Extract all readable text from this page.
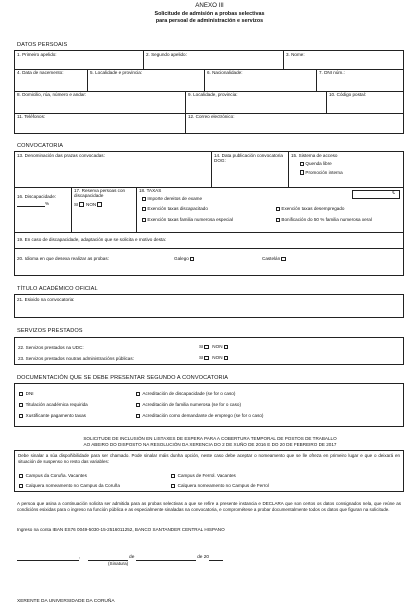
ANEXO III
Solicitude de admisión a probas selectivas
para persoal de administración e servizos
DATOS PERSOAIS
1. Primeiro apelido:	2. Segundo apelido:	3. Nome:
4. Data de nacemento:	5. Localidade e provincia:	6. Nacionalidade:	7. DNI núm.:
8. Domicilio, rúa, número e andar:	9. Localidade, provincia:	10. Código postal:
11. Teléfonos:	12. Correo electrónico:
CONVOCATORIA
13. Denominación das prazas convocadas:	14. Data publicación convocatoria DOG:
15. Sistema de acceso
Quenda libre
Promoción interna
16. Discapacidade:
%
17. Reserva persoas con discapacidade
SI NON
18. TAXAS
Importe dereitos de exame
€
Exención taxas discapacitado	Exención taxas desempregado
Exención taxas familia numerosa especial	Bonificación do 50 % familia numerosa xeral
19. En caso de discapacidade, adaptación que se solicita e motivo desta:
20. Idioma en que desexa realizar as probas:	Galego	Castelán
TÍTULO ACADÉMICO OFICIAL
21. Esixido na convocatoria:
SERVIZOS PRESTADOS
22. Servizos prestados na UDC:	SI NON
23. Servizos prestados noutras administracións públicas:	SI NON
DOCUMENTACIÓN QUE SE DEBE PRESENTAR SEGUNDO A CONVOCATORIA
DNI
Titulación académica requirida
Xustificante pagamento taxas
Acreditación de discapacidade (se for o caso)
Acreditación de familia numerosa (se for o caso)
Acreditación como demandante de emprego (se for o caso)
SOLICITUDE DE INCLUSIÓN EN LISTAXES DE ESPERA PARA A COBERTURA TEMPORAL DE POSTOS DE TRABALLO
AO ABEIRO DO DISPOSTO NA RESOLUCIÓN DA XERENCIA DO 2 DE XUÑO DE 2016 E DO 20 DE FEBREIRO DE 2017
Debe sinalar a súa dispoñibilidade para ser chamado. Pode sinalar máis dunha opción, neste caso debe aceptar o nomeamento que se lle ofreza en primeiro lugar e que o deixará en situación de suspenso no resto das variables:
Campus da Coruña. Vacantes	Campus de Ferrol. Vacantes
Calquera nomeamento no Campus da Coruña	Calquera nomeamento no Campus de Ferrol
A persoa que asina a continuación solicita ser admitida para as probas selectivas a que se refire a presente instancia e DECLARA que son certos os datos consignados nela, que reúne as condicións esixidas para o ingreso na función pública e as especialmente sinaladas na convocatoria, e comprométese a probar documentalmente todos os datos que figuran na solicitude.
Ingreso na conta IBAN ES76 0049-5030-15-2516011252, BANCO SANTANDER CENTRAL HISPANO
,	de	de 20
(Sinatura)
XERENTE DA UNIVERSIDADE DA CORUÑA
